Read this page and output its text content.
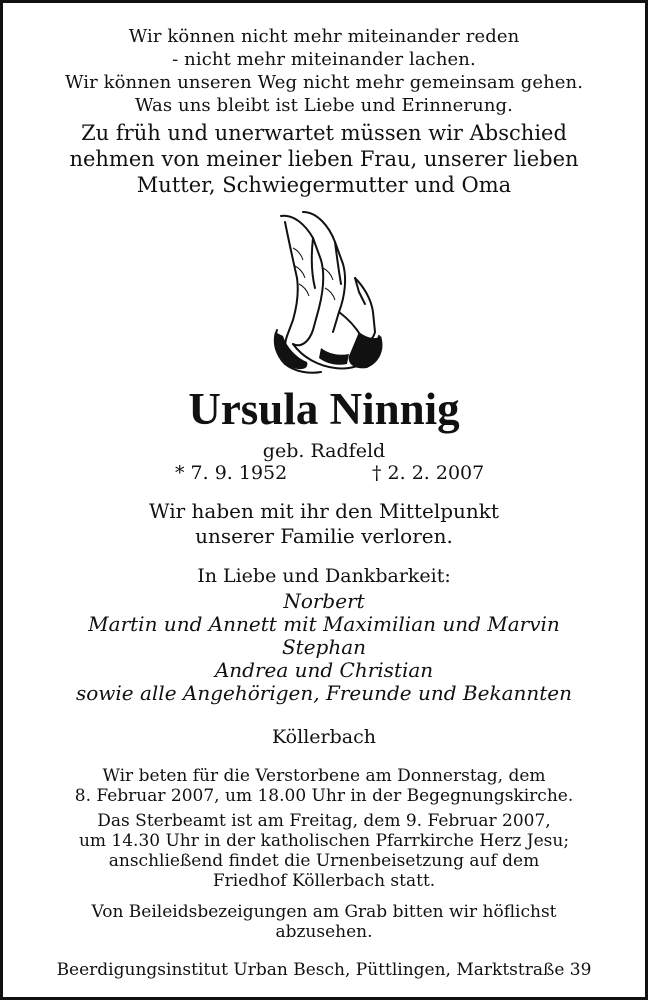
Wir können nicht mehr miteinander reden
- nicht mehr miteinander lachen.
Wir können unseren Weg nicht mehr gemeinsam gehen.
Was uns bleibt ist Liebe und Erinnerung.
Zu früh und unerwartet müssen wir Abschied
nehmen von meiner lieben Frau, unserer lieben
Mutter, Schwiegermutter und Oma
Ursula Ninnig
geb. Radfeld
* 7. 9. 1952	† 2. 2. 2007
Wir haben mit ihr den Mittelpunkt
unserer Familie verloren.
In Liebe und Dankbarkeit:
Norbert
Martin und Annett mit Maximilian und Marvin
Stephan
Andrea und Christian
sowie alle Angehörigen, Freunde und Bekannten
Köllerbach
Wir beten für die Verstorbene am Donnerstag, dem
8. Februar 2007, um 18.00 Uhr in der Begegnungskirche.
Das Sterbeamt ist am Freitag, dem 9. Februar 2007,
um 14.30 Uhr in der katholischen Pfarrkirche Herz Jesu;
anschließend findet die Urnenbeisetzung auf dem
Friedhof Köllerbach statt.
Von Beileidsbezeigungen am Grab bitten wir höflichst
abzusehen.
Beerdigungsinstitut Urban Besch, Püttlingen, Marktstraße 39
